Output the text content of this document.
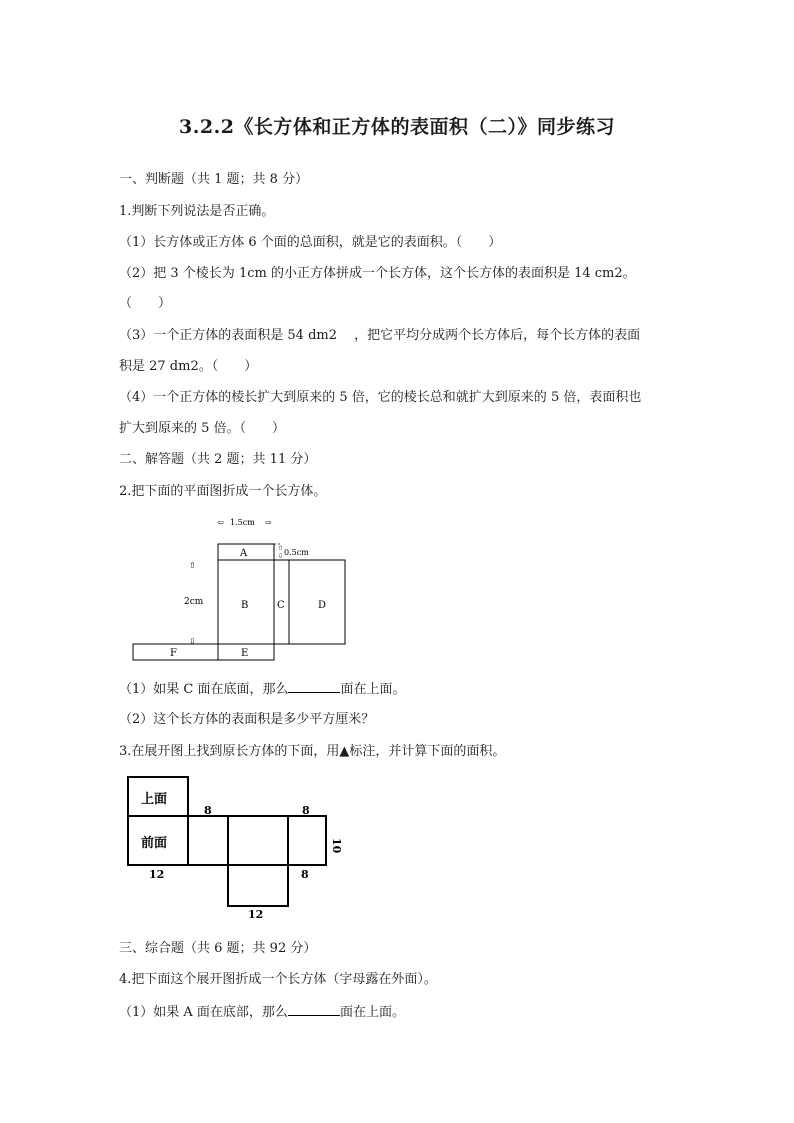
3.2.2《长方体和正方体的表面积（二）》同步练习
一、判断题（共 1 题；共 8 分）
1.判断下列说法是否正确。
（1）长方体或正方体 6 个面的总面积，就是它的表面积。（　　）
（2）把 3 个棱长为 1cm 的小正方体拼成一个长方体，这个长方体的表面积是 14 cm2。
（　　）
（3）一个正方体的表面积是 54 dm2 　，把它平均分成两个长方体后，每个长方体的表面
积是 27 dm2。（　　）
（4）一个正方体的棱长扩大到原来的 5 倍，它的棱长总和就扩大到原来的 5 倍，表面积也
扩大到原来的 5 倍。（　　）
二、解答题（共 2 题；共 11 分）
2.把下面的平面图折成一个长方体。
⇦ 1.5cm ⇨
⇧
⇩ 0.5cm
⇧
2cm
⇩
A
B	C	D
E
F
（1）如果 C 面在底面，那么	面在上面。
（2）这个长方体的表面积是多少平方厘米？
3.在展开图上找到原长方体的下面，用▲标注，并计算下面的面积。
上面
前面
8	8
10
12	8
12
三、综合题（共 6 题；共 92 分）
4.把下面这个展开图折成一个长方体（字母露在外面）。
（1）如果 A 面在底部，那么	面在上面。
